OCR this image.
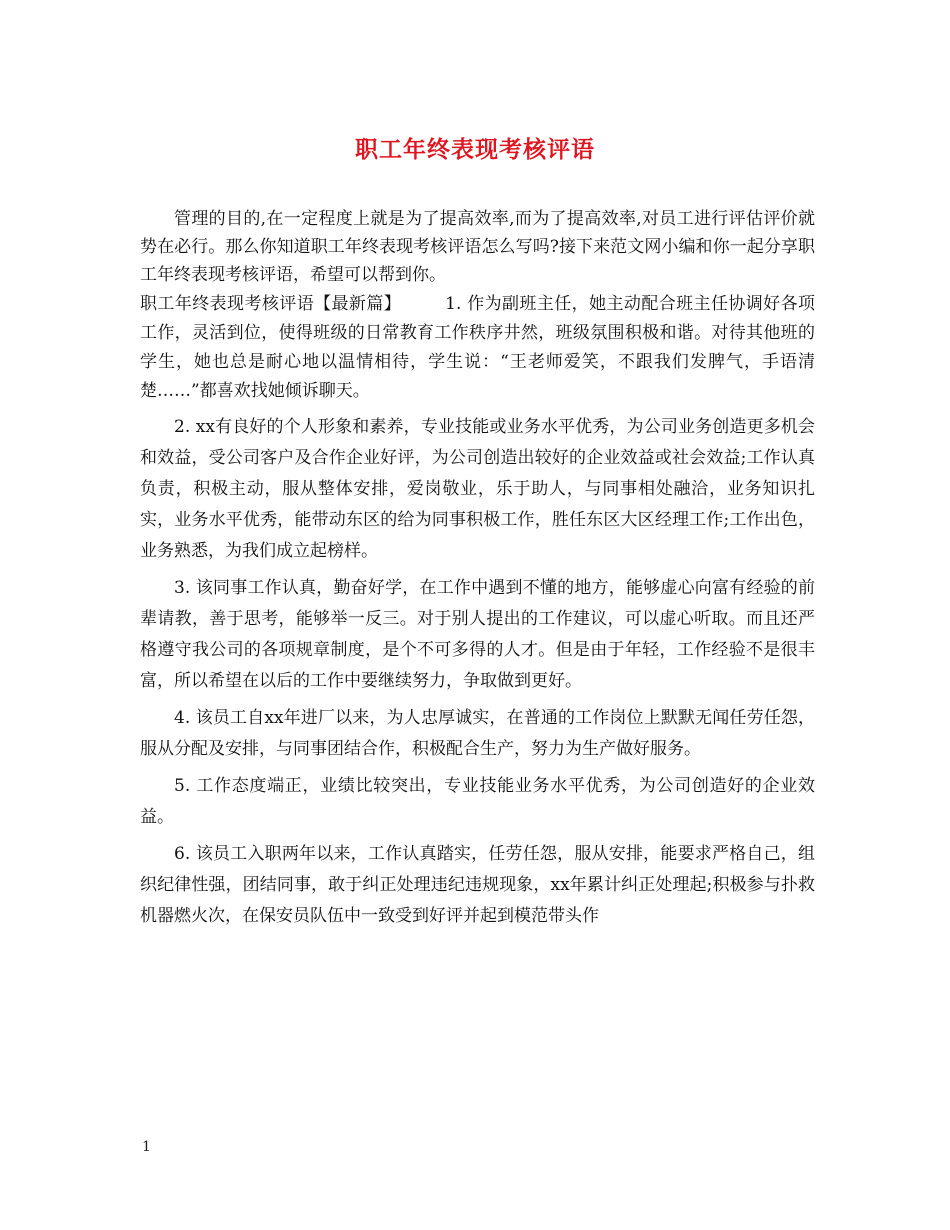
职工年终表现考核评语

管理的目的,在一定程度上就是为了提高效率,而为了提高效率,对员工进行评估评价就势在必行。那么你知道职工年终表现考核评语怎么写吗?接下来范文网小编和你一起分享职工年终表现考核评语，希望可以帮到你。

职工年终表现考核评语【最新篇】	1. 作为副班主任，她主动配合班主任协调好各项工作，灵活到位，使得班级的日常教育工作秩序井然，班级氛围积极和谐。对待其他班的学生，她也总是耐心地以温情相待，学生说：“王老师爱笑，不跟我们发脾气，手语清楚……”都喜欢找她倾诉聊天。

2. xx有良好的个人形象和素养，专业技能或业务水平优秀，为公司业务创造更多机会和效益，受公司客户及合作企业好评，为公司创造出较好的企业效益或社会效益;工作认真负责，积极主动，服从整体安排，爱岗敬业，乐于助人，与同事相处融洽，业务知识扎实，业务水平优秀，能带动东区的给为同事积极工作，胜任东区大区经理工作;工作出色，业务熟悉，为我们成立起榜样。

3. 该同事工作认真，勤奋好学，在工作中遇到不懂的地方，能够虚心向富有经验的前辈请教，善于思考，能够举一反三。对于别人提出的工作建议，可以虚心听取。而且还严格遵守我公司的各项规章制度，是个不可多得的人才。但是由于年轻，工作经验不是很丰富，所以希望在以后的工作中要继续努力，争取做到更好。

4. 该员工自xx年进厂以来，为人忠厚诚实，在普通的工作岗位上默默无闻任劳任怨，服从分配及安排，与同事团结合作，积极配合生产，努力为生产做好服务。

5. 工作态度端正，业绩比较突出，专业技能业务水平优秀，为公司创造好的企业效益。

6. 该员工入职两年以来，工作认真踏实，任劳任怨，服从安排，能要求严格自己，组织纪律性强，团结同事，敢于纠正处理违纪违规现象，xx年累计纠正处理起;积极参与扑救机器燃火次，在保安员队伍中一致受到好评并起到模范带头作

1
